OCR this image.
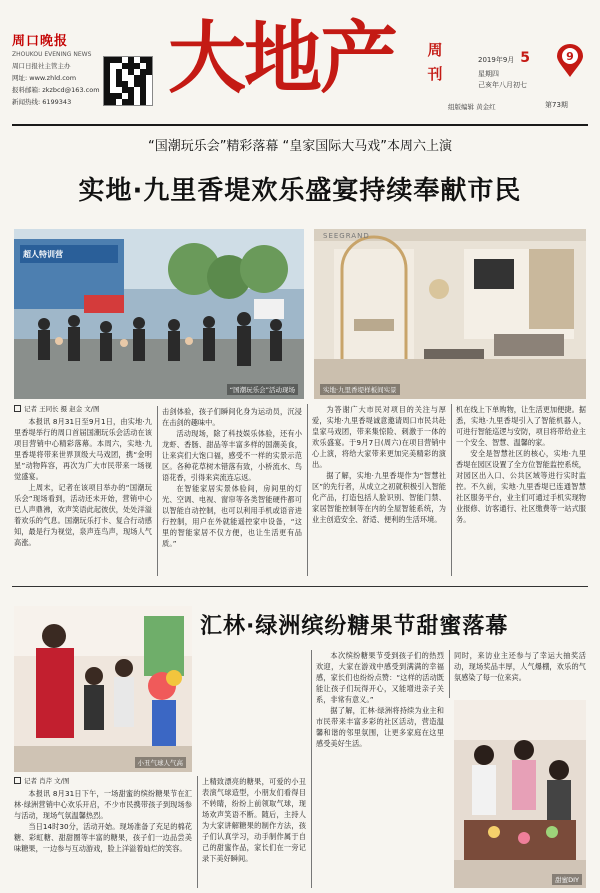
周口晚报
ZHOUKOU EVENING NEWS
周口日报社主管主办
网址: www.zhld.com
报料邮箱: zkzbcd@163.com
新闻热线: 6199343	大地产 周刊
2019年9月 5
星期四
己亥年八月初七
9
组版编辑 黄金红	第73期
“国潮玩乐会”精彩落幕 “皇家国际大马戏”本周六上演
实地·九里香堤欢乐盛宴持续奉献市民
超人特训营
“国潮玩乐会”活动现场
SEEGRAND
实地·九里香堤样板间实景
记者 王同长 摄 赵金 文/图

本报讯 8月31日至9月1日，由实地·九里香堤举行的周口首届国潮玩乐会活动在该项目营销中心精彩落幕。本周六，实地·九里香堤将带来世界顶级大马戏团，携“金明星”动物阵容，再次为广大市民带来一场视觉盛宴。

上周末，记者在该项目举办的“国潮玩乐会”现场看到，活动还未开始，营销中心已人声鼎沸，欢声笑语此起彼伏，处处洋溢着欢乐的气息。国潮玩乐打卡、复合行动感知，最是行为视觉，泉声连鸟声，现场人气高涨。

击剑体验，孩子们瞬间化身为运动员，沉浸在击剑的趣味中。

活动现场，除了科技娱乐体验，还有小龙虾、香肠、甜品等丰富多样的国潮美食，让来宾们大饱口福，感受不一样的实景示范区。各种花草树木错落有致，小桥流水、鸟语花香，引得来宾流连忘返。

在智能家居实景体验间，房间里的灯光、空调、电视、窗帘等各类智能硬件都可以智能自动控制，也可以利用手机或语音进行控制，用户在外就能遥控家中设备，“这里的智能家居不仅方便，也让生活更有品质。”

为答谢广大市民对项目的关注与厚爱，实地·九里香堤诚意邀请周口市民共赴皇家马戏团，带来集惊险、刺激于一体的欢乐盛宴。于9月7日(周六)在项目营销中心上演，将给大家带来更加完美精彩的演出。

据了解，实地·九里香堤作为“智慧社区”的先行者，从成立之初就积极引入智能化产品，打造包括人脸识别、智能门禁、家居智能控制等在内的全屋智能系统，为业主创造安全、舒适、便利的生活环境。

机在线上下单购物，让生活更加便捷。据悉，实地·九里香堤引入了智能机器人，可进行智能巡逻与安防，项目将带给业主一个安全、智慧、温馨的家。

安全是智慧社区的核心，实地·九里香堤在园区设置了全方位智能监控系统，对园区出入口、公共区域等进行实时监控。不久前，实地·九里香堤已连通智慧社区服务平台，业主们可通过手机实现物业报修、访客通行、社区缴费等一站式服务。

汇林·绿洲缤纷糖果节甜蜜落幕
小丑气球人气高
记者 肖芹 文/图

本报讯 8月31日下午，一场甜蜜的缤纷糖果节在汇林·绿洲营销中心欢乐开启，不少市民携带孩子到现场参与活动，现场气氛温馨热烈。

当日14时30分，活动开始。现场准备了充足的棉花糖、彩虹糖、甜甜圈等丰富的糖果，孩子们一边品尝美味糖果，一边参与互动游戏，脸上洋溢着灿烂的笑容。

上精致漂亮的糖果，可爱的小丑表演气球造型，小朋友们看得目不转睛，纷纷上前领取气球，现场欢声笑语不断。随后，主持人为大家讲解糖果的制作方法，孩子们认真学习，动手制作属于自己的甜蜜作品，家长们在一旁记录下美好瞬间。

本次缤纷糖果节受到孩子们的热烈欢迎，大家在游戏中感受到满满的幸福感，家长们也纷纷点赞：“这样的活动既能让孩子们玩得开心，又能增进亲子关系，非常有意义。”

据了解，汇林·绿洲将持续为业主和市民带来丰富多彩的社区活动，营造温馨和谐的邻里氛围，让更多家庭在这里感受美好生活。

同时，来访业主还参与了幸运大抽奖活动，现场奖品丰厚，人气爆棚，欢乐的气氛感染了每一位来宾。

甜蜜DIY
